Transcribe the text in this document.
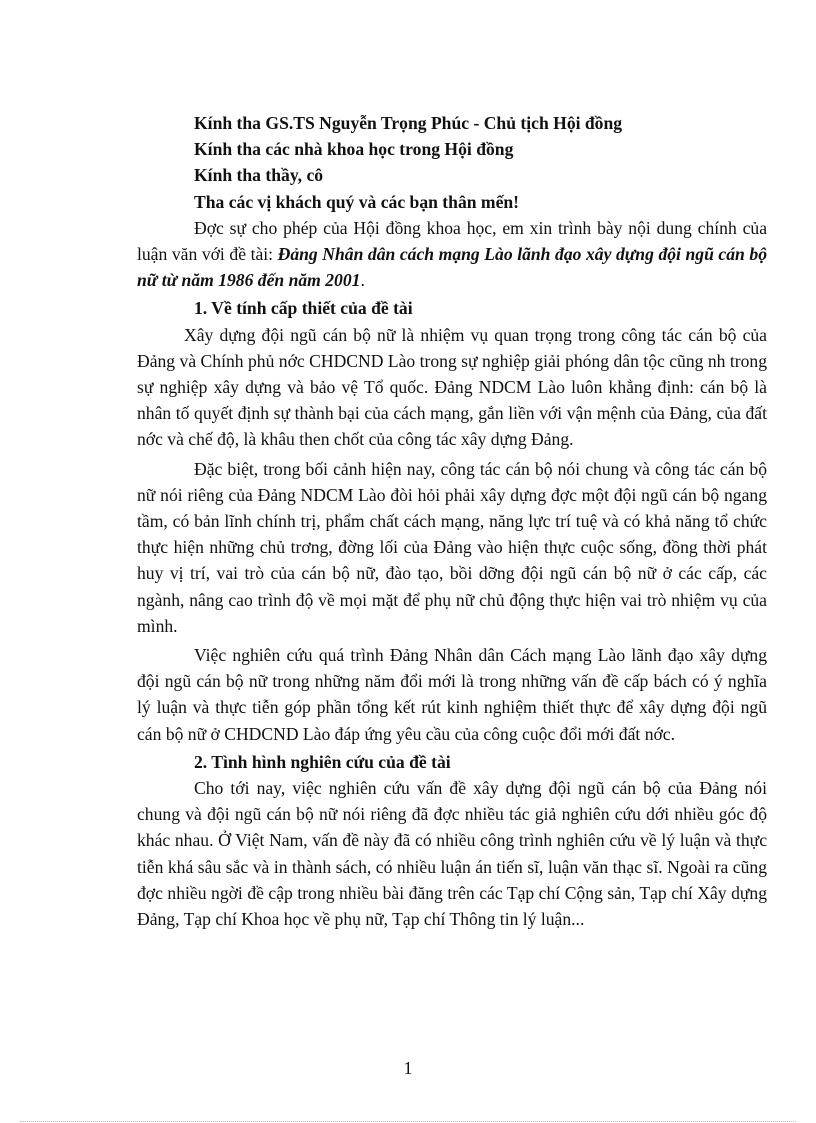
Kính tha GS.TS Nguyễn Trọng Phúc - Chủ tịch Hội đồng
Kính tha các nhà khoa học trong Hội đồng
Kính tha thầy, cô
Tha các vị khách quý và các bạn thân mến!

Đợc sự cho phép của Hội đồng khoa học, em xin trình bày nội dung chính của luận văn với đề tài: Đảng Nhân dân cách mạng Lào lãnh đạo xây dựng đội ngũ cán bộ nữ từ năm 1986 đến năm 2001.

1. Về tính cấp thiết của đề tài

Xây dựng đội ngũ cán bộ nữ là nhiệm vụ quan trọng trong công tác cán bộ của Đảng và Chính phủ nớc CHDCND Lào trong sự nghiệp giải phóng dân tộc cũng nh trong sự nghiệp xây dựng và bảo vệ Tổ quốc. Đảng NDCM Lào luôn khẳng định: cán bộ là nhân tố quyết định sự thành bại của cách mạng, gắn liền với vận mệnh của Đảng, của đất nớc và chế độ, là khâu then chốt của công tác xây dựng Đảng.

Đặc biệt, trong bối cảnh hiện nay, công tác cán bộ nói chung và công tác cán bộ nữ nói riêng của Đảng NDCM Lào đòi hỏi phải xây dựng đợc một đội ngũ cán bộ ngang tầm, có bản lĩnh chính trị, phẩm chất cách mạng, năng lực trí tuệ và có khả năng tổ chức thực hiện những chủ trơng, đờng lối của Đảng vào hiện thực cuộc sống, đồng thời phát huy vị trí, vai trò của cán bộ nữ, đào tạo, bồi dỡng đội ngũ cán bộ nữ ở các cấp, các ngành, nâng cao trình độ về mọi mặt để phụ nữ chủ động thực hiện vai trò nhiệm vụ của mình.

Việc nghiên cứu quá trình Đảng Nhân dân Cách mạng Lào lãnh đạo xây dựng đội ngũ cán bộ nữ trong những năm đổi mới là trong những vấn đề cấp bách có ý nghĩa lý luận và thực tiễn góp phần tổng kết rút kinh nghiệm thiết thực để xây dựng đội ngũ cán bộ nữ ở CHDCND Lào đáp ứng yêu cầu của công cuộc đổi mới đất nớc.

2. Tình hình nghiên cứu của đề tài

Cho tới nay, việc nghiên cứu vấn đề xây dựng đội ngũ cán bộ của Đảng nói chung và đội ngũ cán bộ nữ nói riêng đã đợc nhiều tác giả nghiên cứu dới nhiều góc độ khác nhau. Ở Việt Nam, vấn đề này đã có nhiều công trình nghiên cứu về lý luận và thực tiễn khá sâu sắc và in thành sách, có nhiều luận án tiến sĩ, luận văn thạc sĩ. Ngoài ra cũng đợc nhiều ngời đề cập trong nhiều bài đăng trên các Tạp chí Cộng sản, Tạp chí Xây dựng Đảng, Tạp chí Khoa học về phụ nữ, Tạp chí Thông tin lý luận...

1
